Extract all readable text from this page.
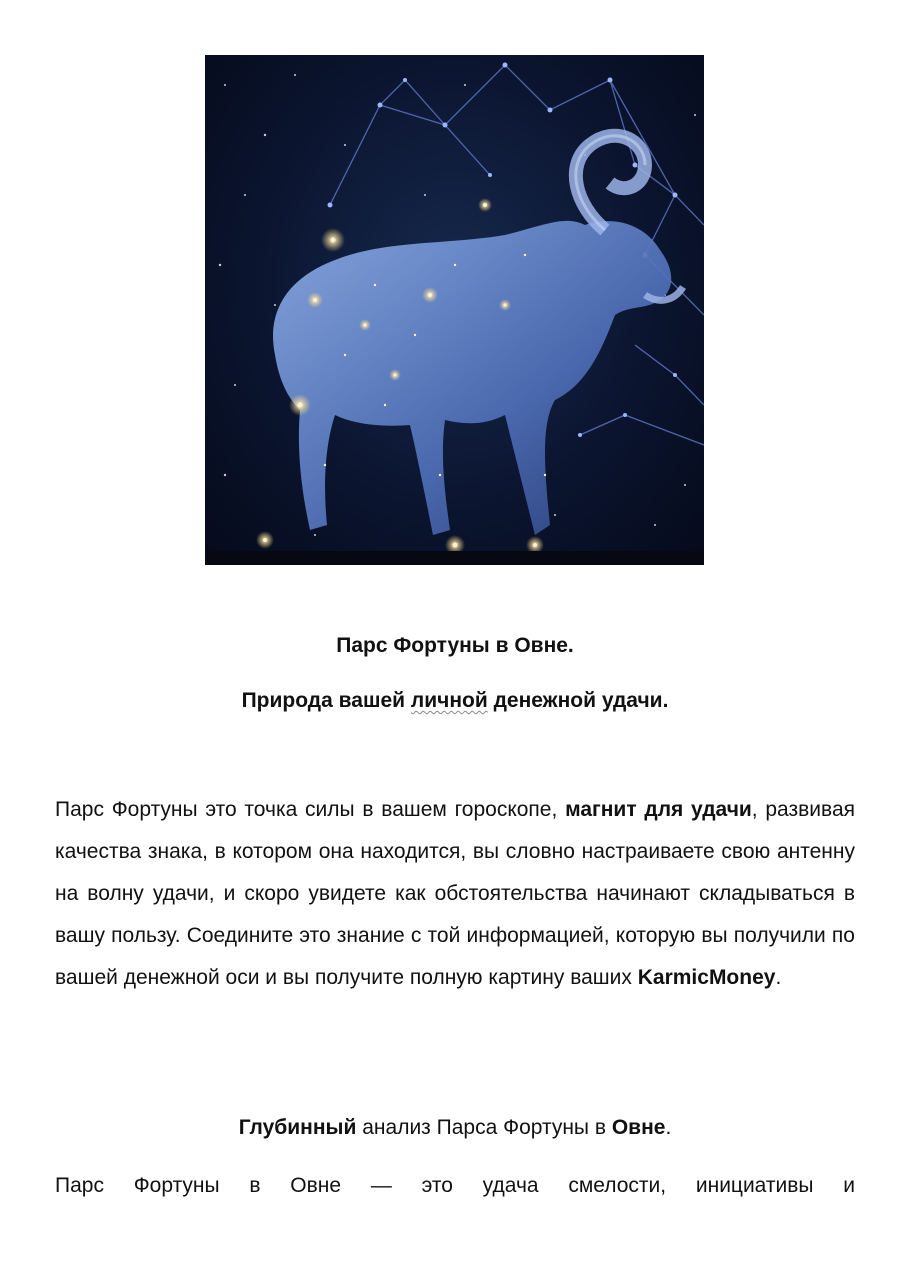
Парс Фортуны в Овне.
Природа вашей личной денежной удачи.

Парс Фортуны это точка силы в вашем гороскопе, магнит для удачи, развивая качества знака, в котором она находится, вы словно настраиваете свою антенну на волну удачи, и скоро увидете как обстоятельства начинают складываться в вашу пользу. Соедините это знание с той информацией, которую вы получили по вашей денежной оси и вы получите полную картину ваших KarmicMoney.

Глубинный анализ Парса Фортуны в Овне.

Парс Фортуны в Овне — это удача смелости, инициативы и
